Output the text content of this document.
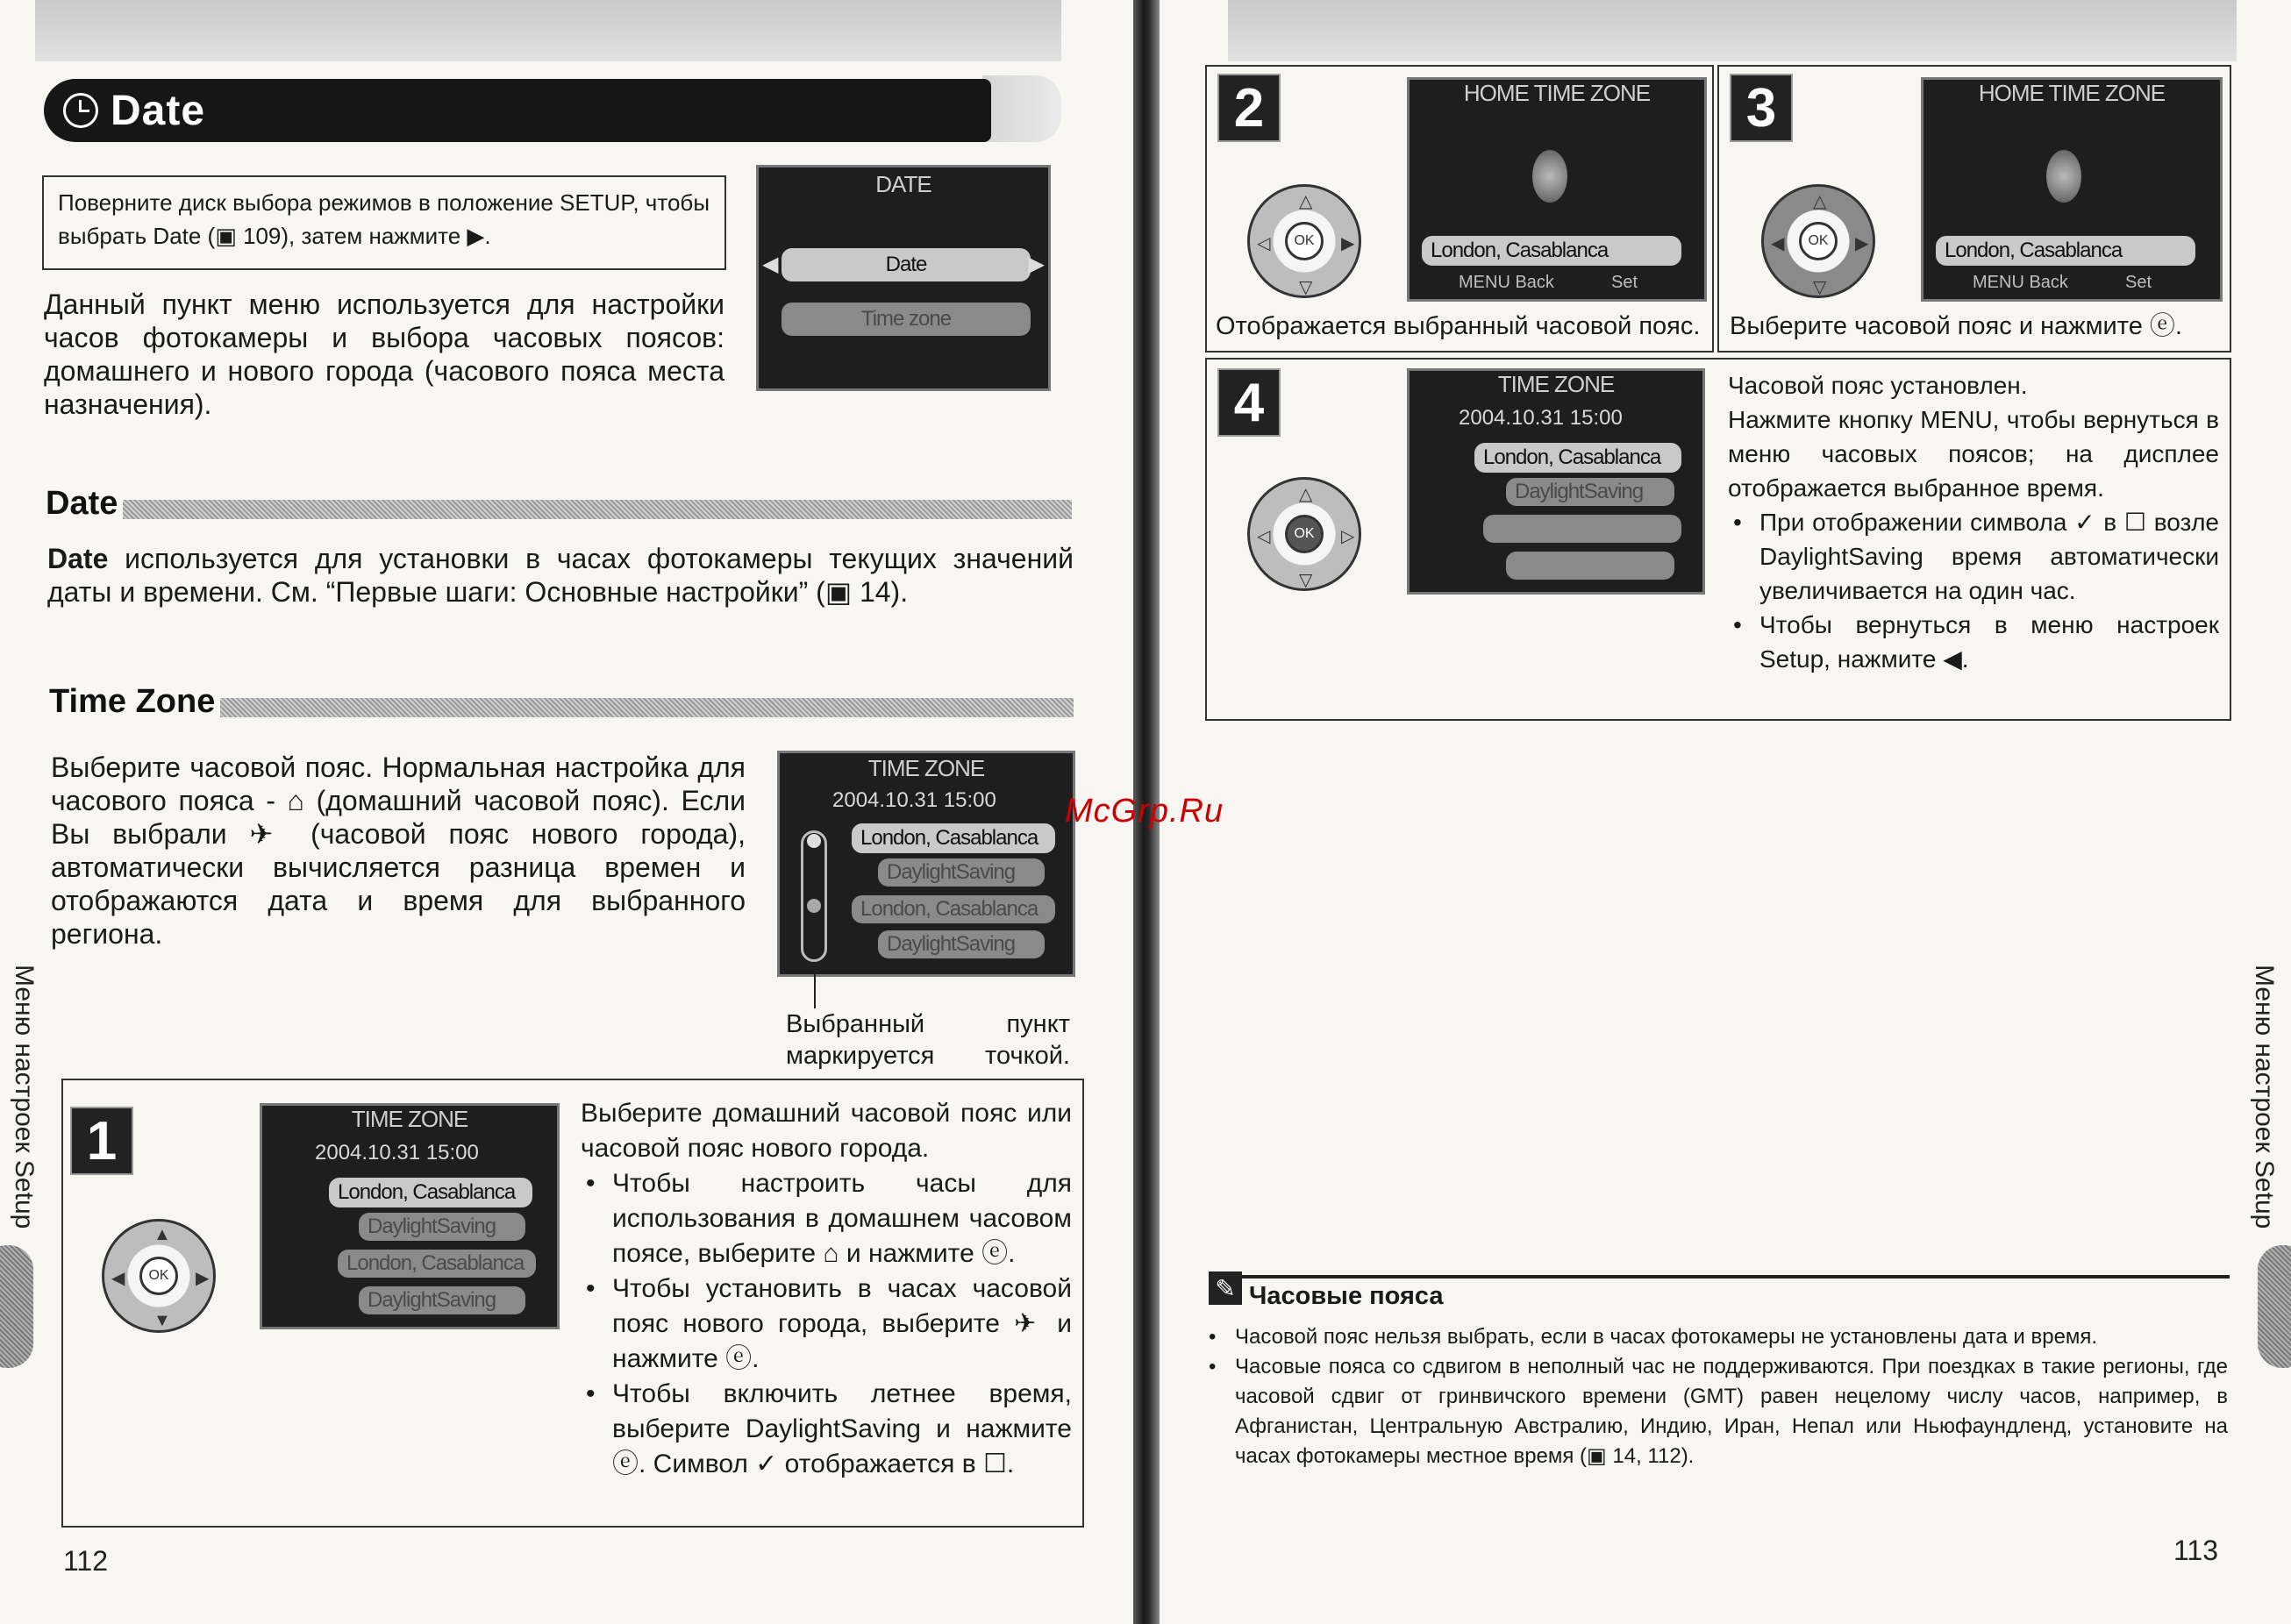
Date
Поверните диск выбора режимов в положение SETUP, чтобы выбрать Date (▣ 109), затем нажмите ▶.
Данный пункт меню используется для настройки часов фотокамеры и выбора часовых поясов: домашнего и нового города (часового пояса места назначения).
DATE
Date
Time zone
◀	▶
Date
Date используется для установки в часах фотокамеры текущих значений даты и времени. См. “Первые шаги: Основные настройки” (▣ 14).
Time Zone
Выберите часовой пояс. Нормальная настройка для часового пояса - ⌂ (домашний часовой пояс). Если Вы выбрали ✈ (часовой пояс нового города), автоматически вычисляется разница времен и отображаются дата и время для выбранного региона.
TIME ZONE
2004.10.31 15:00
London, Casablanca
DaylightSaving
London, Casablanca
DaylightSaving
Выбранный пункт маркируется точкой.
1	TIME ZONE
2004.10.31 15:00
London, Casablanca
DaylightSaving
London, Casablanca
DaylightSaving
▲
▼
◀	▶
OK
Выберите домашний часовой пояс или часовой пояс нового города.
• Чтобы настроить часы для использования в домашнем часовом поясе, выберите ⌂ и нажмите ⓔ.
• Чтобы установить в часах часовой пояс нового города, выберите ✈ и нажмите ⓔ.
• Чтобы включить летнее время, выберите DaylightSaving и нажмите ⓔ. Символ ✓ отображается в ☐.
Меню настроек Setup
112
2	HOME TIME ZONE
London, Casablanca
MENU Back	Set
△
▽
◁	▶
OK
Отображается выбранный часовой пояс.
3	HOME TIME ZONE
London, Casablanca
MENU Back	Set
△
▽
◀	▶
OK
Выберите часовой пояс и нажмите ⓔ.
4	TIME ZONE
2004.10.31 15:00
London, Casablanca
DaylightSaving
△
▽
◁	▷
OK
Часовой пояс установлен.
Нажмите кнопку MENU, чтобы вернуться в меню часовых поясов; на дисплее отображается выбранное время.
• При отображении символа ✓ в ☐ возле DaylightSaving время автоматически увеличивается на один час.
• Чтобы вернуться в меню настроек Setup, нажмите ◀.
✎ Часовые пояса
• Часовой пояс нельзя выбрать, если в часах фотокамеры не установлены дата и время.
• Часовые пояса со сдвигом в неполный час не поддерживаются. При поездках в такие регионы, где часовой сдвиг от гринвичского времени (GMT) равен нецелому числу часов, например, в Афганистан, Центральную Австралию, Индию, Иран, Непал или Ньюфаундленд, установите на часах фотокамеры местное время (▣ 14, 112).
Меню настроек Setup
113
McGrp.Ru
